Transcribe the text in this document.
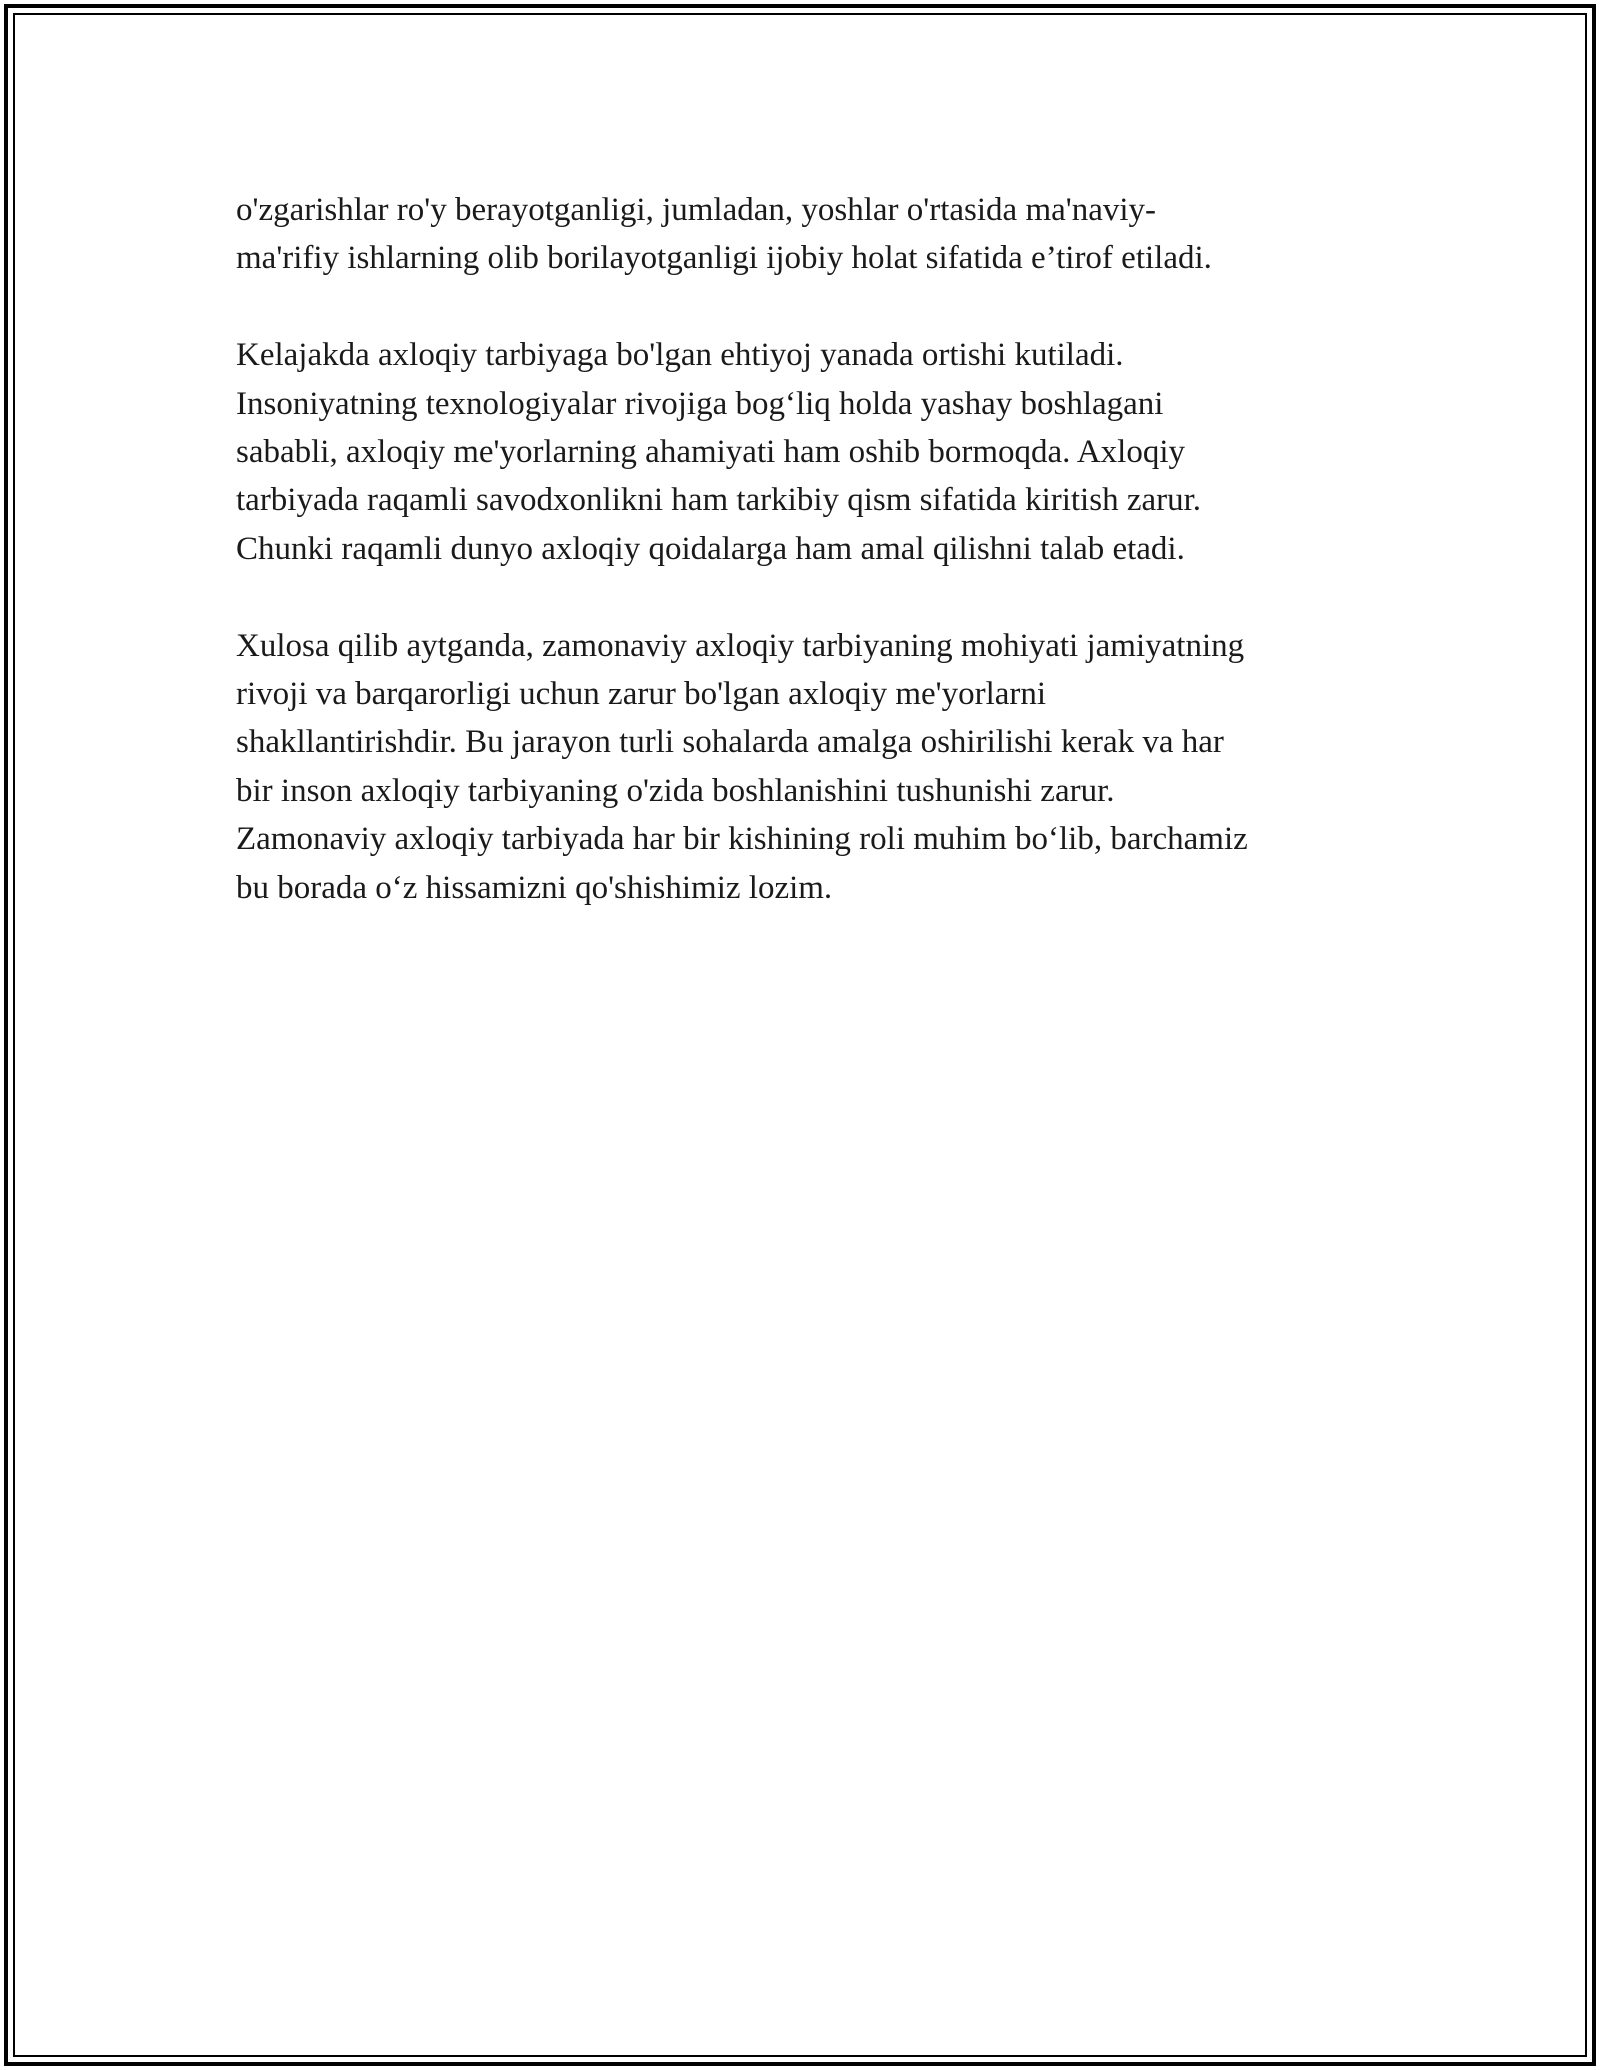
o'zgarishlar ro'y berayotganligi, jumladan, yoshlar o'rtasida ma'naviy-
ma'rifiy ishlarning olib borilayotganligi ijobiy holat sifatida e’tirof etiladi.
Kelajakda axloqiy tarbiyaga bo'lgan ehtiyoj yanada ortishi kutiladi.
Insoniyatning texnologiyalar rivojiga bog‘liq holda yashay boshlagani
sababli, axloqiy me'yorlarning ahamiyati ham oshib bormoqda. Axloqiy
tarbiyada raqamli savodxonlikni ham tarkibiy qism sifatida kiritish zarur.
Chunki raqamli dunyo axloqiy qoidalarga ham amal qilishni talab etadi.
Xulosa qilib aytganda, zamonaviy axloqiy tarbiyaning mohiyati jamiyatning
rivoji va barqarorligi uchun zarur bo'lgan axloqiy me'yorlarni
shakllantirishdir. Bu jarayon turli sohalarda amalga oshirilishi kerak va har
bir inson axloqiy tarbiyaning o'zida boshlanishini tushunishi zarur.
Zamonaviy axloqiy tarbiyada har bir kishining roli muhim bo‘lib, barchamiz
bu borada o‘z hissamizni qo'shishimiz lozim.
